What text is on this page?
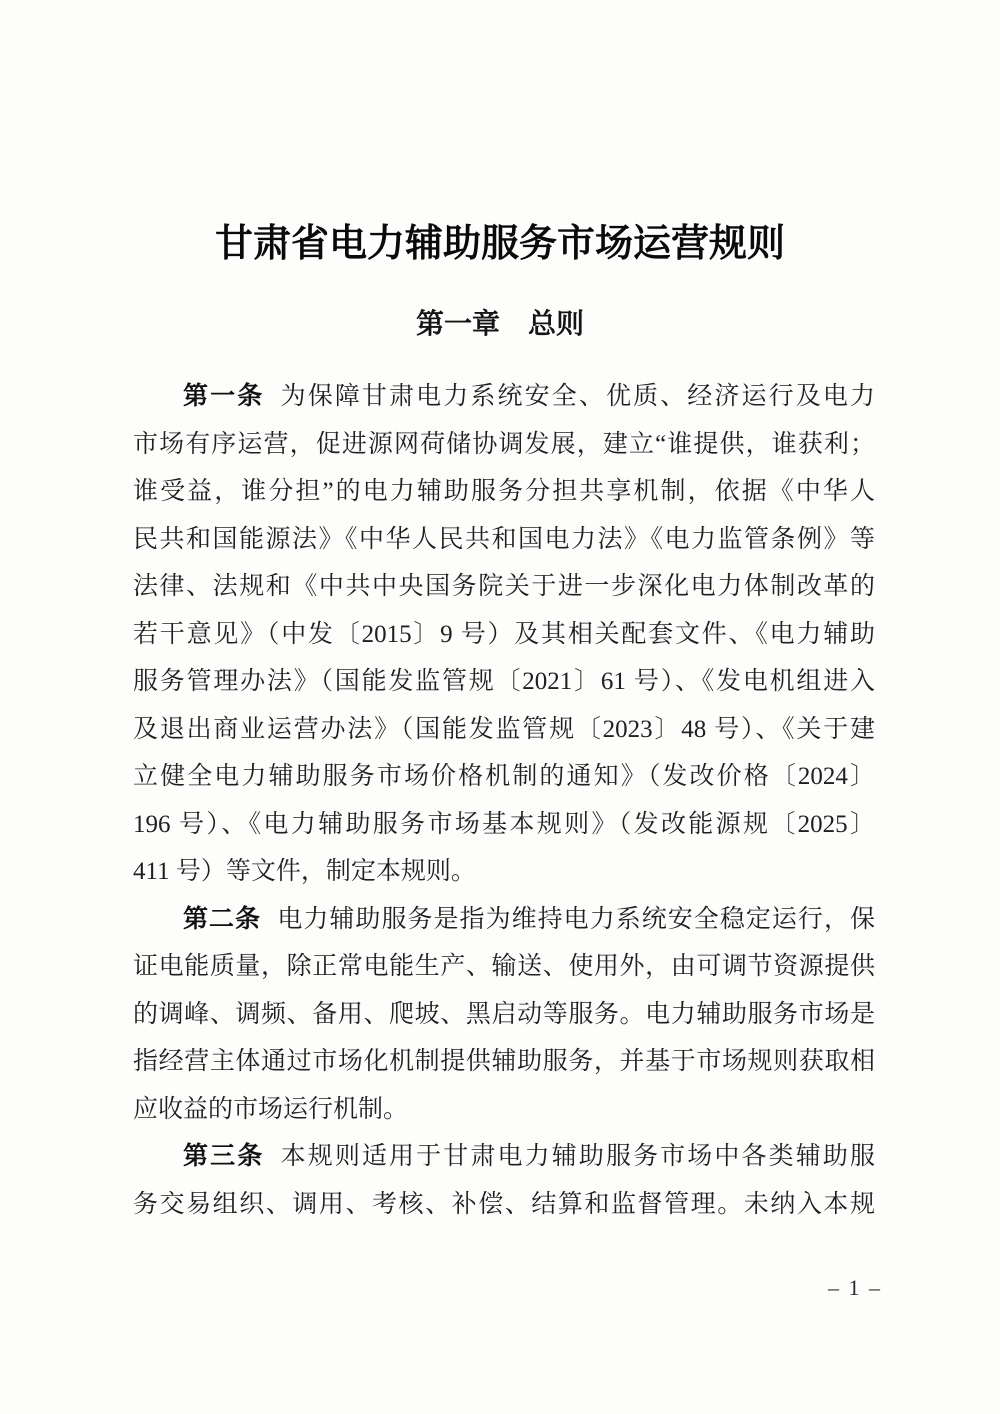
甘肃省电力辅助服务市场运营规则
第一章　总则
第一条 为保障甘肃电力系统安全、优质、经济运行及电力
市场有序运营，促进源网荷储协调发展，建立“谁提供，谁获利；
谁受益，谁分担”的电力辅助服务分担共享机制，依据《中华人
民共和国能源法》《中华人民共和国电力法》《电力监管条例》等
法律、法规和《中共中央国务院关于进一步深化电力体制改革的
若干意见》（中发〔2015〕9 号）及其相关配套文件、《电力辅助
服务管理办法》（国能发监管规〔2021〕61 号）、《发电机组进入
及退出商业运营办法》（国能发监管规〔2023〕48 号）、《关于建
立健全电力辅助服务市场价格机制的通知》（发改价格〔2024〕
196 号）、《电力辅助服务市场基本规则》（发改能源规〔2025〕
411 号）等文件，制定本规则。
第二条 电力辅助服务是指为维持电力系统安全稳定运行，保
证电能质量，除正常电能生产、输送、使用外，由可调节资源提供
的调峰、调频、备用、爬坡、黑启动等服务。电力辅助服务市场是
指经营主体通过市场化机制提供辅助服务，并基于市场规则获取相
应收益的市场运行机制。
第三条 本规则适用于甘肃电力辅助服务市场中各类辅助服
务交易组织、调用、考核、补偿、结算和监督管理。未纳入本规
– 1 –
